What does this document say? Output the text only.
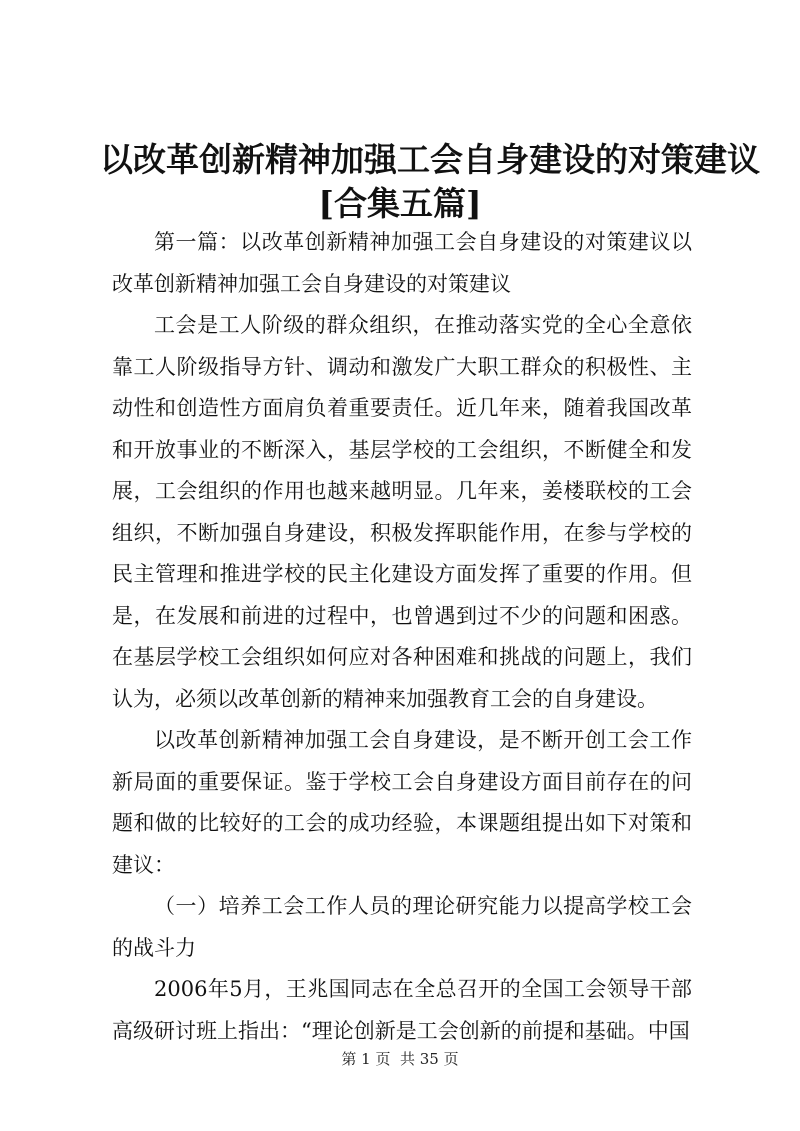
以改革创新精神加强工会自身建设的对策建议
[合集五篇]

第一篇：以改革创新精神加强工会自身建设的对策建议以改革创新精神加强工会自身建设的对策建议

工会是工人阶级的群众组织，在推动落实党的全心全意依靠工人阶级指导方针、调动和激发广大职工群众的积极性、主动性和创造性方面肩负着重要责任。近几年来，随着我国改革和开放事业的不断深入，基层学校的工会组织，不断健全和发展，工会组织的作用也越来越明显。几年来，姜楼联校的工会组织，不断加强自身建设，积极发挥职能作用，在参与学校的民主管理和推进学校的民主化建设方面发挥了重要的作用。但是，在发展和前进的过程中，也曾遇到过不少的问题和困惑。在基层学校工会组织如何应对各种困难和挑战的问题上，我们认为，必须以改革创新的精神来加强教育工会的自身建设。

以改革创新精神加强工会自身建设，是不断开创工会工作新局面的重要保证。鉴于学校工会自身建设方面目前存在的问题和做的比较好的工会的成功经验，本课题组提出如下对策和建议：

（一）培养工会工作人员的理论研究能力以提高学校工会的战斗力

2006年5月，王兆国同志在全总召开的全国工会领导干部高级研讨班上指出：“理论创新是工会创新的前提和基础。中国

第 1 页  共 35 页
